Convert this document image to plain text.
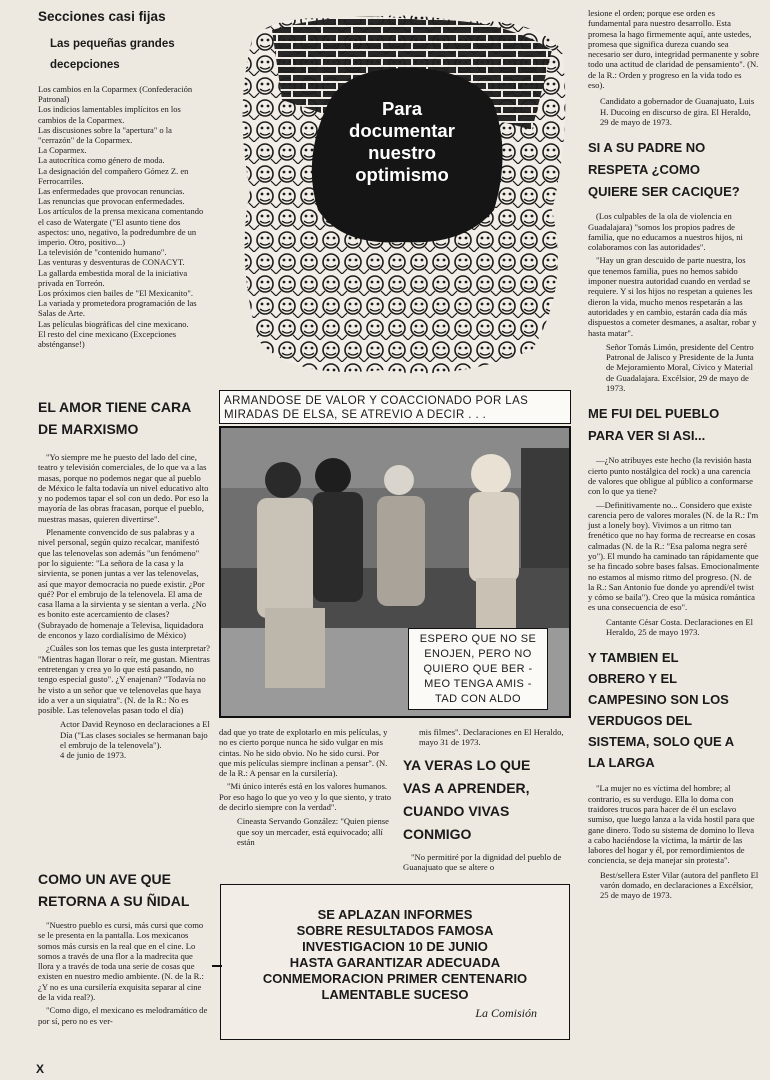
Secciones casi fijas
Las pequeñas grandes
decepciones
Los cambios en la Coparmex (Confederación Patronal)
Los indicios lamentables implícitos en los cambios de la Coparmex.
Las discusiones sobre la "apertura" o la "cerrazón" de la Coparmex.
La Coparmex.
La autocrítica como género de moda.
La designación del compañero Gómez Z. en Ferrocarriles.
Las enfermedades que provocan renuncias.
Las renuncias que provocan enfermedades.
Los artículos de la prensa mexicana comentando el caso de Watergate ("El asunto tiene dos aspectos: uno, negativo, la podredumbre de un imperio. Otro, positivo...)
La televisión de "contenido humano".
Las venturas y desventuras de CONACYT.
La gallarda embestida moral de la iniciativa privada en Torreón.
Los próximos cien bailes de "El Mexicanito".
La variada y prometedora programación de las Salas de Arte.
Las películas biográficas del cine mexicano.
El resto del cine mexicano (Excepciones absténganse!)
EL AMOR TIENE CARA
DE MARXISMO

"Yo siempre me he puesto del lado del cine, teatro y televisión comerciales, de lo que va a las masas, porque no podemos negar que al pueblo de México le falta todavía un nivel educativo alto y no podemos tapar el sol con un dedo. Por eso la mayoría de las obras fracasan, porque el pueblo, nuestras masas, quieren divertirse".

Plenamente convencido de sus palabras y a nivel personal, según quizo recalcar, manifestó que las telenovelas son además "un fenómeno" por lo siguiente: "La señora de la casa y la sirvienta, se ponen juntas a ver las telenovelas, así que mayor democracia no puede existir. ¿Por qué? Por el embrujo de la telenovela. El ama de casa llama a la sirvienta y se sientan a verla. ¿No es bonito este acercamiento de clases? (Subrayado de homenaje a Televisa, liquidadora de enconos y lazo cordialísimo de México)

¿Cuáles son los temas que les gusta interpretar? "Mientras hagan llorar o reír, me gustan. Mientras entretengan y crea yo lo que está pasando, no tengo especial gusto". ¿Y enajenan? "Todavía no he visto a un señor que ve telenovelas que haya ido a ver a un siquiatra". (N. de la R.: No es posible. Las telenovelas pasan todo el día)

Actor David Reynoso en declaraciones a El Día ("Las clases sociales se hermanan bajo el embrujo de la telenovela").
4 de junio de 1973.
COMO UN AVE QUE
RETORNA A SU ÑIDAL

"Nuestro pueblo es cursi, más cursi que como se le presenta en la pantalla. Los mexicanos somos más cursis en la real que en el cine. Lo somos a través de una flor a la madrecita que llora y a través de toda una serie de cosas que existen en nuestro medio ambiente. (N. de la R.: ¿Y no es una cursilería exquisita separar al cine de la vida real?).

"Como digo, el mexicano es melodramático de por sí, pero no es ver-

Para
documentar
nuestro
optimismo
ARMANDOSE DE VALOR Y COACCIONADO POR LAS
MIRADAS DE ELSA, SE ATREVIO A DECIR . . .
ESPERO QUE NO SE
ENOJEN, PERO NO
QUIERO QUE BER -
MEO TENGA AMIS -
TAD CON ALDO
dad que yo trate de explotarlo en mis películas, y no es cierto porque nunca he sido vulgar en mis cintas. No he sido obvio. No he sido cursi. Por que mis películas siempre inclinan a pensar". (N. de la R.: A pensar en la cursilería).

"Mi único interés está en los valores humanos. Por eso hago lo que yo veo y lo que siento, y trato de decirlo siempre con la verdad".

Cineasta Servando González: "Quien piense que soy un mercader, está equivocado; allí están
mis filmes". Declaraciones en El Heraldo, mayo 31 de 1973.
YA VERAS LO QUE
VAS A APRENDER,
CUANDO VIVAS
CONMIGO
"No permitiré por la dignidad del pueblo de Guanajuato que se altere o
SE APLAZAN INFORMES
SOBRE RESULTADOS FAMOSA
INVESTIGACION 10 DE JUNIO
HASTA GARANTIZAR ADECUADA
CONMEMORACION PRIMER CENTENARIO
LAMENTABLE SUCESO
La Comisión
lesione el orden; porque ese orden es fundamental para nuestro desarrollo. Esta promesa la hago firmemente aquí, ante ustedes, promesa que significa dureza cuando sea necesario ser duro, integridad permanente y sobre todo una actitud de claridad de pensamiento". (N. de la R.: Orden y progreso en la vida todo es eso).
Candidato a gobernador de Guanajuato, Luis H. Ducoing en discurso de gira. El Heraldo, 29 de mayo de 1973.
SI A SU PADRE NO
RESPETA ¿COMO
QUIERE SER CACIQUE?

(Los culpables de la ola de violencia en Guadalajara) "somos los propios padres de familia, que no educamos a nuestros hijos, ni colaboramos con las autoridades".

"Hay un gran descuido de parte nuestra, los que tenemos familia, pues no hemos sabido imponer nuestra autoridad cuando en verdad se requiere. Y si los hijos no respetan a quienes les dieron la vida, mucho menos respetarán a las autoridades y en cambio, estarán cada día más dispuestos a cometer desmanes, a asaltar, robar y hasta matar".

Señor Tomás Limón, presidente del Centro Patronal de Jalisco y Presidente de la Junta de Mejoramiento Moral, Cívico y Material de Guadalajara. Excélsior, 29 de mayo de 1973.
ME FUI DEL PUEBLO
PARA VER SI ASI...

—¿No atribuyes este hecho (la revisión hasta cierto punto nostálgica del rock) a una carencia de valores que obligue al público a conformarse con lo que ya tiene?

—Definitivamente no... Considero que existe carencia pero de valores morales (N. de la R.: I'm just a lonely boy). Vivimos a un ritmo tan frenético que no hay forma de recrearse en cosas calmadas (N. de la R.: "Esa paloma negra seré yo"). El mundo ha caminado tan rápidamente que se ha fincado sobre bases falsas. Emocionalmente no estamos al mismo ritmo del progreso. (N. de la R.: San Antonio fue donde yo aprendí/el twist y cómo se baila"). Creo que la música romántica es una consecuencia de eso".

Cantante César Costa. Declaraciones en El Heraldo, 25 de mayo 1973.
Y TAMBIEN EL
OBRERO Y EL
CAMPESINO SON LOS
VERDUGOS DEL
SISTEMA, SOLO QUE A
LA LARGA

"La mujer no es víctima del hombre; al contrario, es su verdugo. Ella lo doma con traidores trucos para hacer de él un esclavo sumiso, que luego lanza a la vida hostil para que gane dinero. Todo su sistema de domino lo lleva a cabo haciéndose la víctima, la mártir de las labores del hogar y él, por remordimientos de conciencia, se deja manejar sin protesta".

Best/sellera Ester Vilar (autora del panfleto El varón domado, en declaraciones a Excélsior, 25 de mayo de 1973.
X
